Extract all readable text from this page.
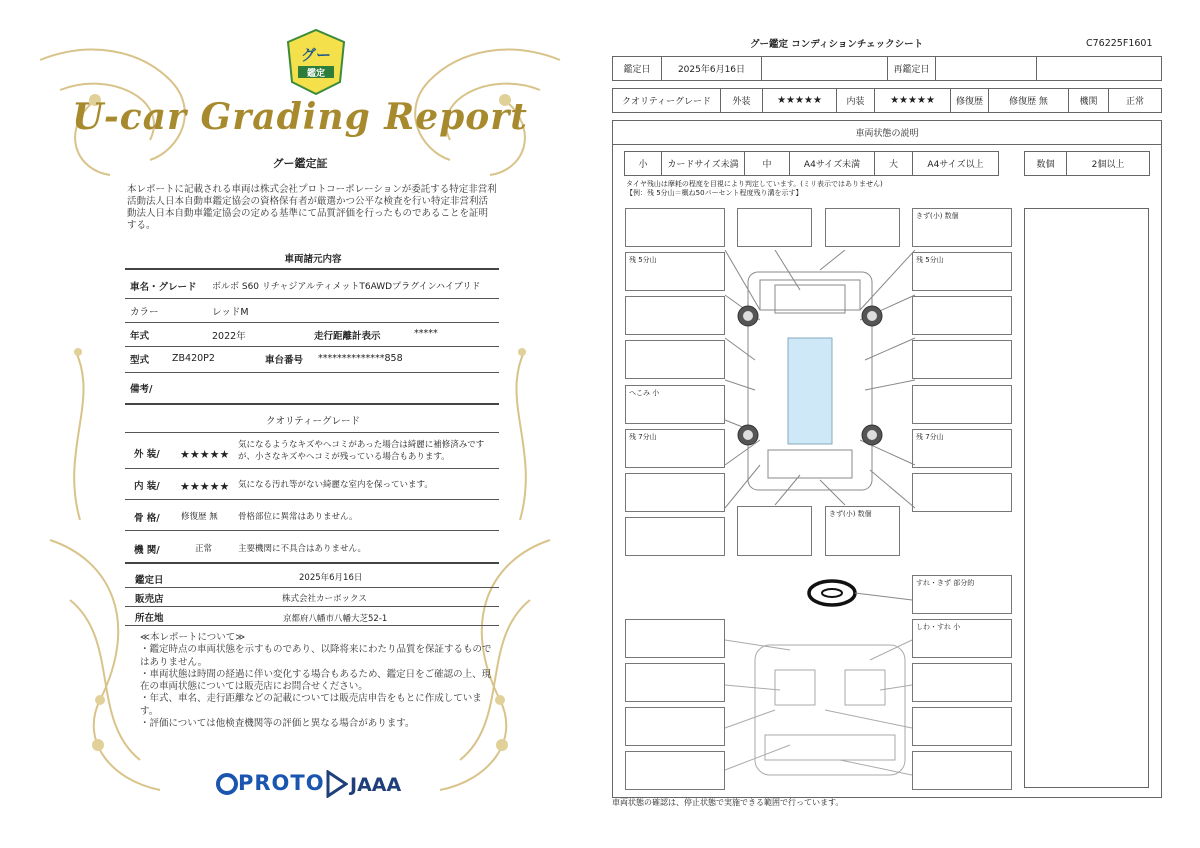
グー
鑑定
U-car Grading Report
グー鑑定証
本レポートに記載される車両は株式会社プロトコーポレーションが委託する特定非営利活動法人日本自動車鑑定協会の資格保有者が厳選かつ公平な検査を行い特定非営利活動法人日本自動車鑑定協会の定める基準にて品質評価を行ったものであることを証明する。
車両諸元内容
車名・グレード ボルボ S60 リチャジアルティメットT6AWDプラグインハイブリド
カラー	レッドM
年式	2022年	走行距離計表示	*****
型式 ZB420P2	車台番号 **************858
備考/
クオリティーグレード
外 装/ ★★★★★
気になるようなキズやヘコミがあった場合は綺麗に補修済みですが、小さなキズやヘコミが残っている場合もあります。
内 装/ ★★★★★ 気になる汚れ等がない綺麗な室内を保っています。
骨 格/ 修復歴 無 骨格部位に異常はありません。
機 関/	正常	主要機関に不具合はありません。
鑑定日	2025年6月16日
販売店	株式会社カーボックス
所在地	京都府八幡市八幡大芝52-1
≪本レポートについて≫
・鑑定時点の車両状態を示すものであり、以降将来にわたり品質を保証するものではありません。
・車両状態は時間の経過に伴い変化する場合もあるため、鑑定日をご確認の上、現在の車両状態については販売店にお問合せください。
・年式、車名、走行距離などの記載については販売店申告をもとに作成しています。
・評価については他検査機関等の評価と異なる場合があります。
PROTO JAAA
グー鑑定 コンディションチェックシート	C76225F1601
鑑定日	2025年6月16日	再鑑定日
クオリティーグレード	外装	★★★★★	内装	★★★★★	修復歴	修復歴 無	機関	正常
車両状態の説明
小	カードサイズ未満	中	A4サイズ未満	大	A4サイズ以上	数個	2個以上
タイヤ残山は摩耗の程度を目視により判定しています。(ミリ表示ではありません)
【例：残 5分山＝概ね50パーセント程度残り溝を示す】
残 5分山
へこみ 小
残 7分山
きず(小) 数個
きず(小) 数個
残 5分山
残 7分山
すれ・きず 部分的
しわ・すれ 小
車両状態の確認は、停止状態で実施できる範囲で行っています。
